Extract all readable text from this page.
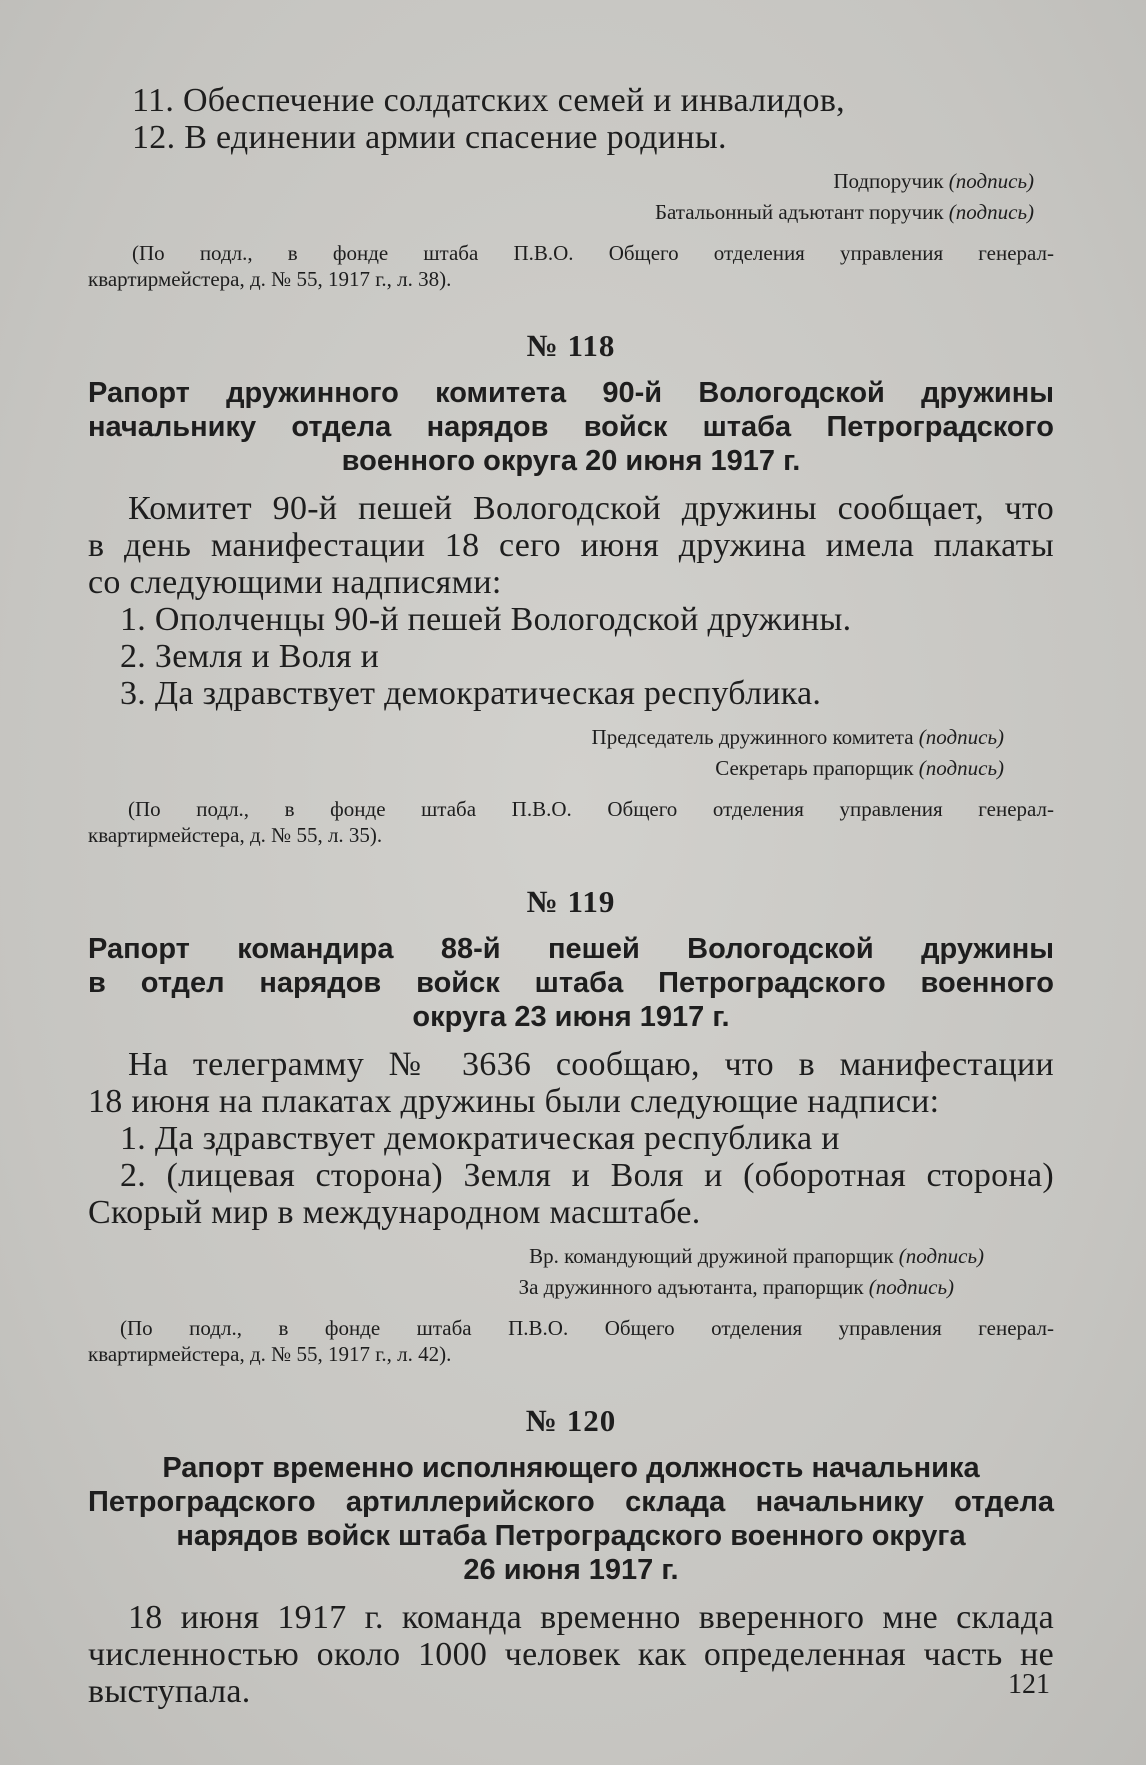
11. Обеспечение солдатских семей и инвалидов,
12. В единении армии спасение родины.
Подпоручик (подпись)
Батальонный адъютант поручик (подпись)
(По подл., в фонде штаба П.В.О. Общего отделения управления генерал-
квартирмейстера, д. № 55, 1917 г., л. 38).
№ 118
Рапорт дружинного комитета 90-й Вологодской дружины
начальнику отдела нарядов войск штаба Петроградского
военного округа 20 июня 1917 г.
Комитет 90-й пешей Вологодской дружины сообщает, что
в день манифестации 18 сего июня дружина имела плакаты
со следующими надписями:
1. Ополченцы 90-й пешей Вологодской дружины.
2. Земля и Воля и
3. Да здравствует демократическая республика.
Председатель дружинного комитета (подпись)
Секретарь прапорщик (подпись)
(По подл., в фонде штаба П.В.О. Общего отделения управления генерал-
квартирмейстера, д. № 55, л. 35).
№ 119
Рапорт командира 88-й пешей Вологодской дружины
в отдел нарядов войск штаба Петроградского военного
округа 23 июня 1917 г.
На телеграмму № 3636 сообщаю, что в манифестации
18 июня на плакатах дружины были следующие надписи:
1. Да здравствует демократическая республика и
2. (лицевая сторона) Земля и Воля и (оборотная сторона)
Скорый мир в международном масштабе.
Вр. командующий дружиной прапорщик (подпись)
За дружинного адъютанта, прапорщик (подпись)
(По подл., в фонде штаба П.В.О. Общего отделения управления генерал-
квартирмейстера, д. № 55, 1917 г., л. 42).
№ 120
Рапорт временно исполняющего должность начальника
Петроградского артиллерийского склада начальнику отдела
нарядов войск штаба Петроградского военного округа
26 июня 1917 г.
18 июня 1917 г. команда временно вверенного мне склада
численностью около 1000 человек как определенная часть не
выступала.	121
